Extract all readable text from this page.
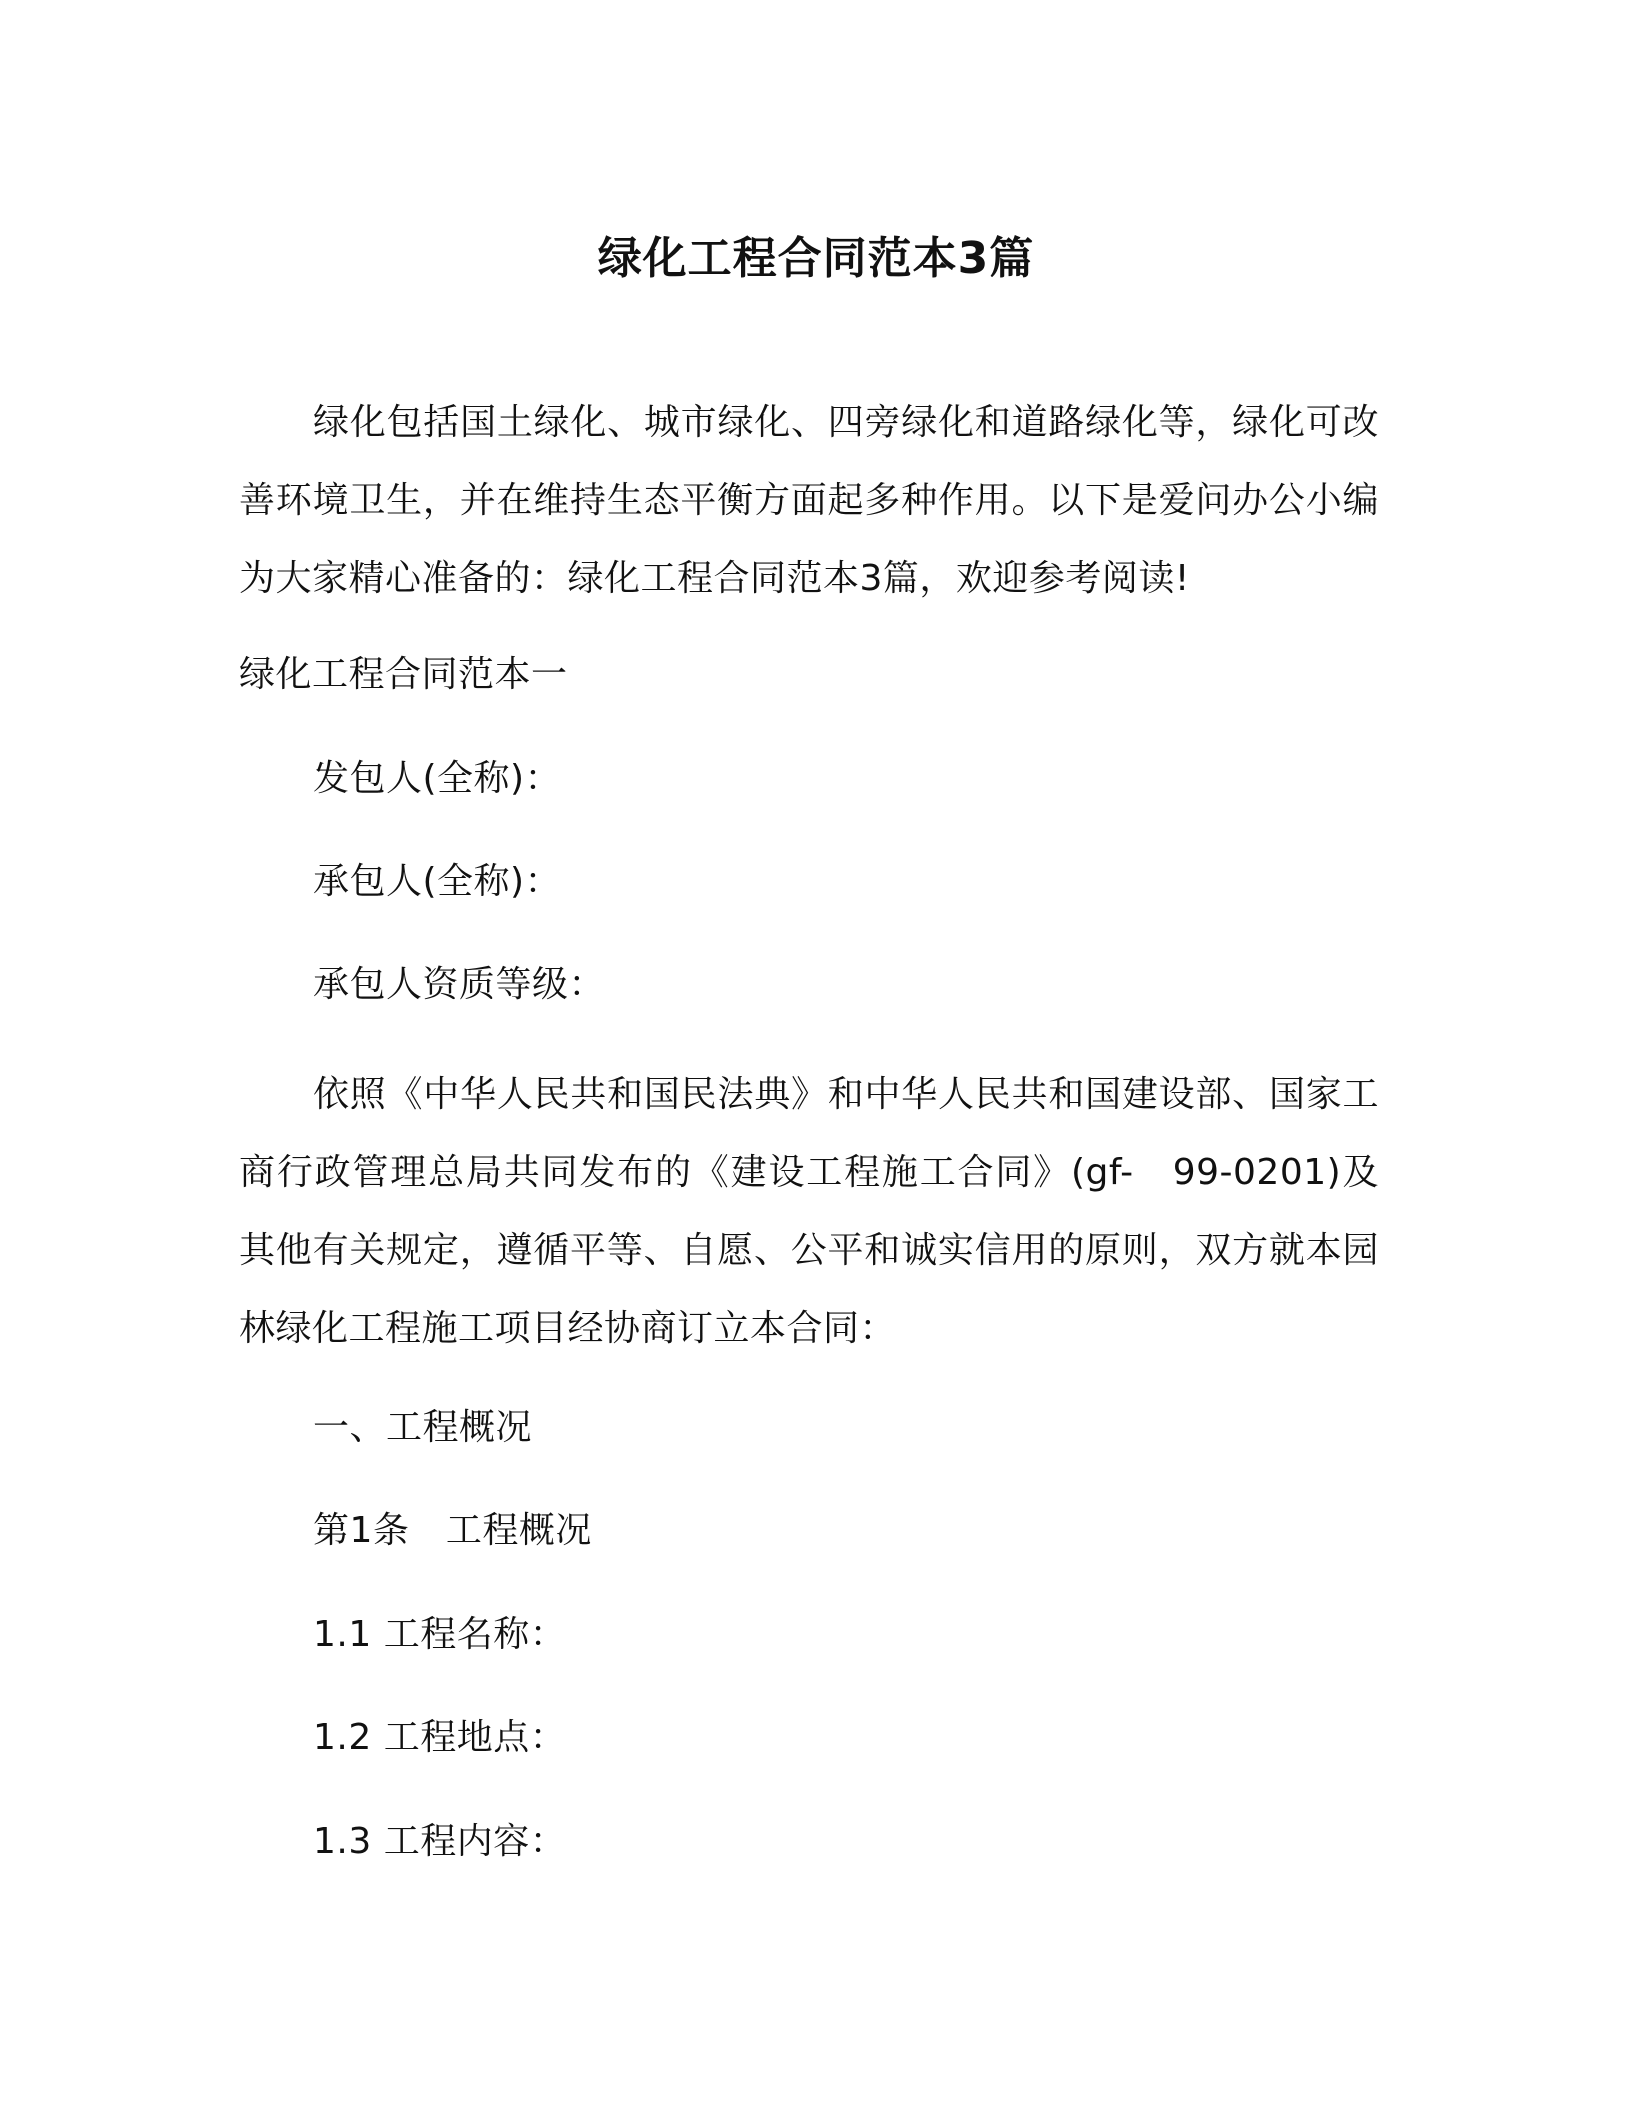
绿化工程合同范本3篇
绿化包括国土绿化、城市绿化、四旁绿化和道路绿化等，绿化可改善环境卫生，并在维持生态平衡方面起多种作用。以下是爱问办公小编为大家精心准备的：绿化工程合同范本3篇，欢迎参考阅读!
绿化工程合同范本一
发包人(全称)：
承包人(全称)：
承包人资质等级：
依照《中华人民共和国民法典》和中华人民共和国建设部、国家工商行政管理总局共同发布的《建设工程施工合同》(gf-　99-0201)及其他有关规定，遵循平等、自愿、公平和诚实信用的原则，双方就本园林绿化工程施工项目经协商订立本合同：
一、工程概况
第1条　工程概况
1.1 工程名称：
1.2 工程地点：
1.3 工程内容：
